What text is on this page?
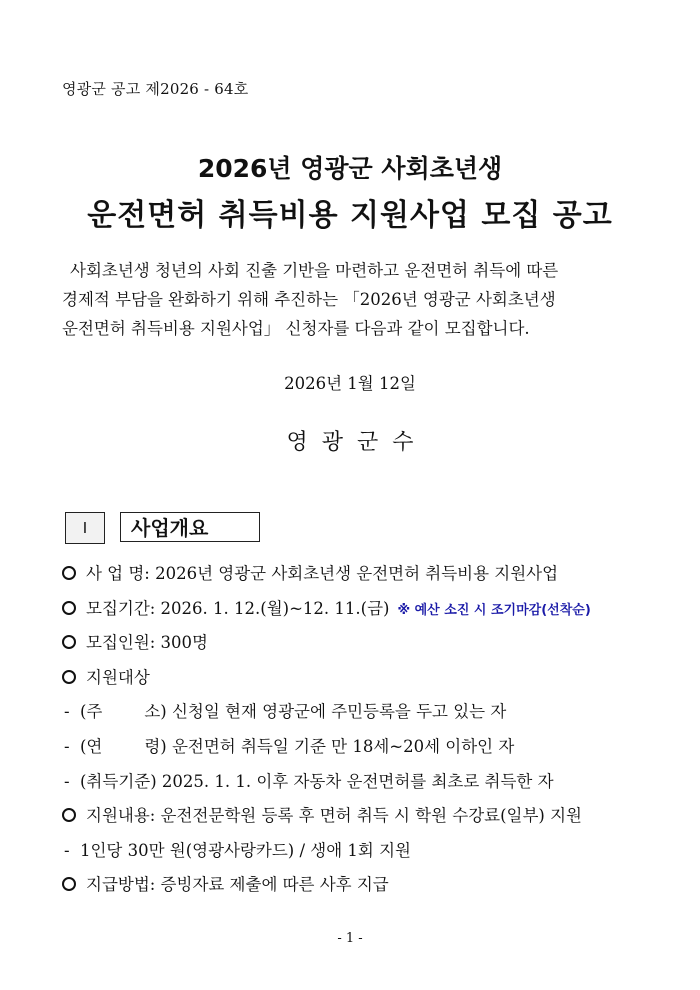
영광군 공고 제2026 - 64호
2026년 영광군 사회초년생
운전면허 취득비용 지원사업 모집 공고

사회초년생 청년의 사회 진출 기반을 마련하고 운전면허 취득에 따른

경제적 부담을 완화하기 위해 추진하는 「2026년 영광군 사회초년생

운전면허 취득비용 지원사업」 신청자를 다음과 같이 모집합니다.

2026년 1월 12일
영광군수
Ⅰ	사업개요
사 업 명: 2026년 영광군 사회초년생 운전면허 취득비용 지원사업
모집기간: 2026. 1. 12.(월)~12. 11.(금) ※ 예산 소진 시 조기마감(선착순)
모집인원: 300명
지원대상
- (주        소) 신청일 현재 영광군에 주민등록을 두고 있는 자
- (연        령) 운전면허 취득일 기준 만 18세~20세 이하인 자
- (취득기준) 2025. 1. 1. 이후 자동차 운전면허를 최초로 취득한 자
지원내용: 운전전문학원 등록 후 면허 취득 시 학원 수강료(일부) 지원
- 1인당 30만 원(영광사랑카드) / 생애 1회 지원
지급방법: 증빙자료 제출에 따른 사후 지급
- 1 -
